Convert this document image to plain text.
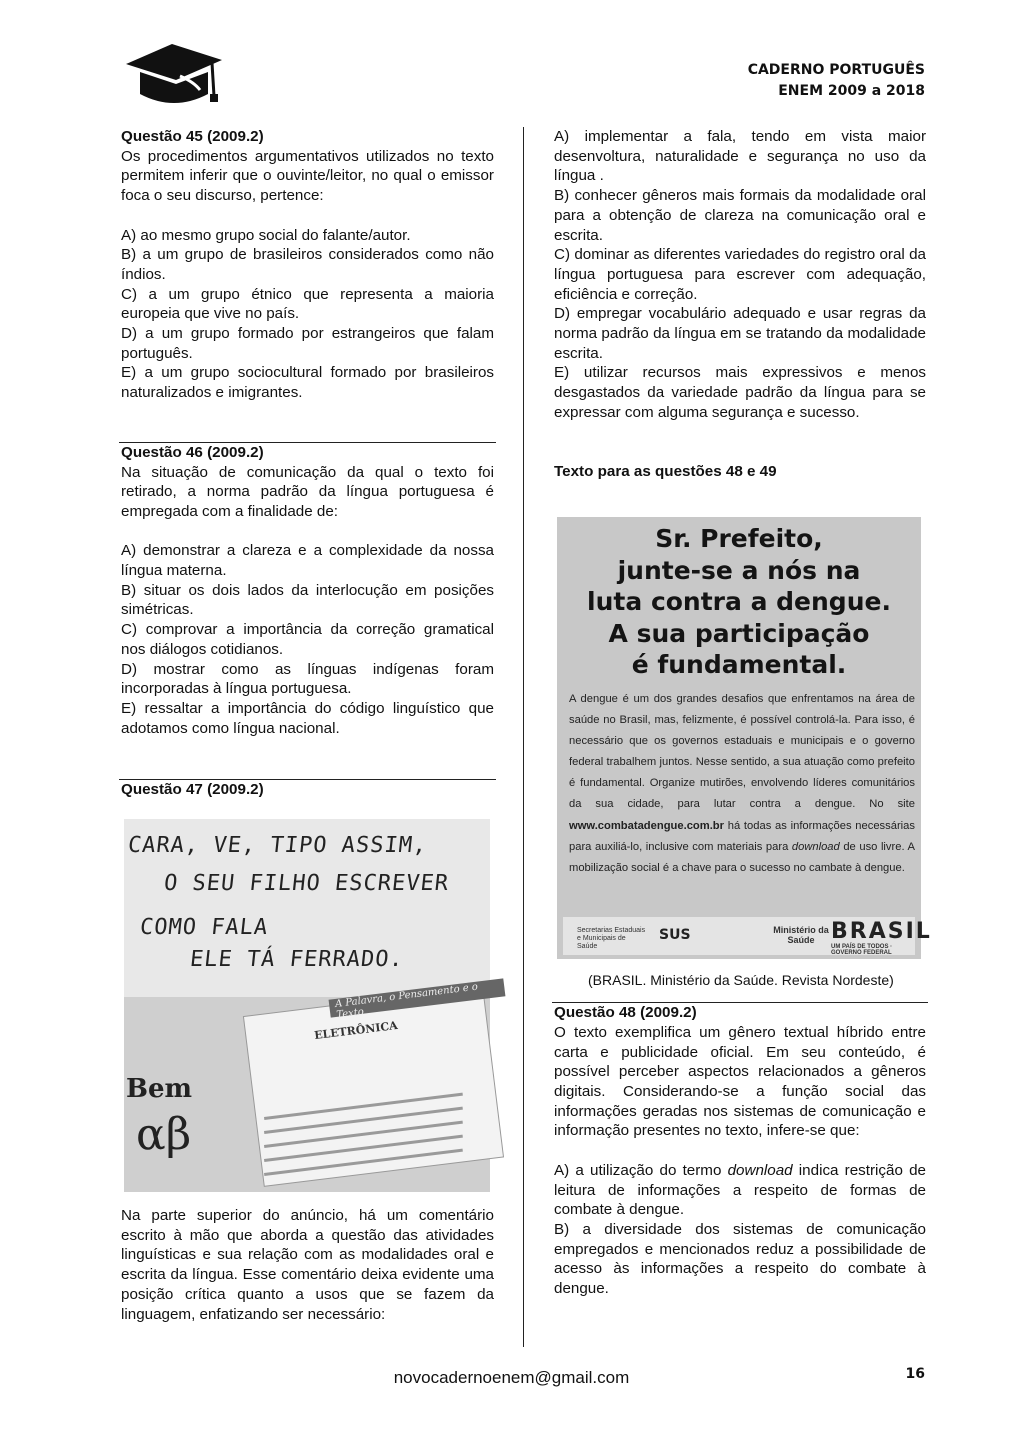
CADERNO PORTUGUÊS
ENEM 2009 a 2018
Questão 45 (2009.2)
Os procedimentos argumentativos utilizados no texto permitem inferir que o ouvinte/leitor, no qual o emissor foca o seu discurso, pertence:
A) ao mesmo grupo social do falante/autor.
B) a um grupo de brasileiros considerados como não índios.
C) a um grupo étnico que representa a maioria europeia que vive no país.
D) a um grupo formado por estrangeiros que falam português.
E) a um grupo sociocultural formado por brasileiros naturalizados e imigrantes.
Questão 46 (2009.2)
Na situação de comunicação da qual o texto foi retirado, a norma padrão da língua portuguesa é empregada com a finalidade de:
A) demonstrar a clareza e a complexidade da nossa língua materna.
B) situar os dois lados da interlocução em posições simétricas.
C) comprovar a importância da correção gramatical nos diálogos cotidianos.
D) mostrar como as línguas indígenas foram incorporadas à língua portuguesa.
E) ressaltar a importância do código linguístico que adotamos como língua nacional.
Questão 47 (2009.2)
Na parte superior do anúncio, há um comentário escrito à mão que aborda a questão das atividades linguísticas e sua relação com as modalidades oral e escrita da língua. Esse comentário deixa evidente uma posição crítica quanto a usos que se fazem da linguagem, enfatizando ser necessário:
CARA, VE, TIPO ASSIM,
O SEU FILHO ESCREVER
COMO FALA
ELE TÁ FERRADO.
A Palavra, o Pensamento e o Texto
ELETRÔNICA
Bem
αβ
A) implementar a fala, tendo em vista maior desenvoltura, naturalidade e segurança no uso da língua .
B) conhecer gêneros mais formais da modalidade oral para a obtenção de clareza na comunicação oral e escrita.
C) dominar as diferentes variedades do registro oral da língua portuguesa para escrever com adequação, eficiência e correção.
D) empregar vocabulário adequado e usar regras da norma padrão da língua em se tratando da modalidade escrita.
E) utilizar recursos mais expressivos e menos desgastados da variedade padrão da língua para se expressar com alguma segurança e sucesso.
Texto para as questões 48 e 49
Questão 48 (2009.2)
O texto exemplifica um gênero textual híbrido entre carta e publicidade oficial. Em seu conteúdo, é possível perceber aspectos relacionados a gêneros digitais. Considerando-se a função social das informações geradas nos sistemas de comunicação e informação presentes no texto, infere-se que:
A) a utilização do termo download indica restrição de leitura de informações a respeito de formas de combate à dengue.
B) a diversidade dos sistemas de comunicação empregados e mencionados reduz a possibilidade de acesso às informações a respeito do combate à dengue.
Sr. Prefeito,
junte-se a nós na
luta contra a dengue.
A sua participação
é fundamental.
A dengue é um dos grandes desafios que enfrentamos na área de saúde no Brasil, mas, felizmente, é possível controlá-la. Para isso, é necessário que os governos estaduais e municipais e o governo federal trabalhem juntos. Nesse sentido, a sua atuação como prefeito é fundamental. Organize mutirões, envolvendo líderes comunitários da sua cidade, para lutar contra a dengue. No site www.combatadengue.com.br há todas as informações necessárias para auxiliá-lo, inclusive com materiais para download de uso livre. A mobilização social é a chave para o sucesso no cambate à dengue.
Secretarias Estaduais e Municipais de Saúde
SUS	Ministério da Saúde BRASIL
UM PAÍS DE TODOS · GOVERNO FEDERAL
(BRASIL. Ministério da Saúde. Revista Nordeste)
novocadernoenem@gmail.com	16
